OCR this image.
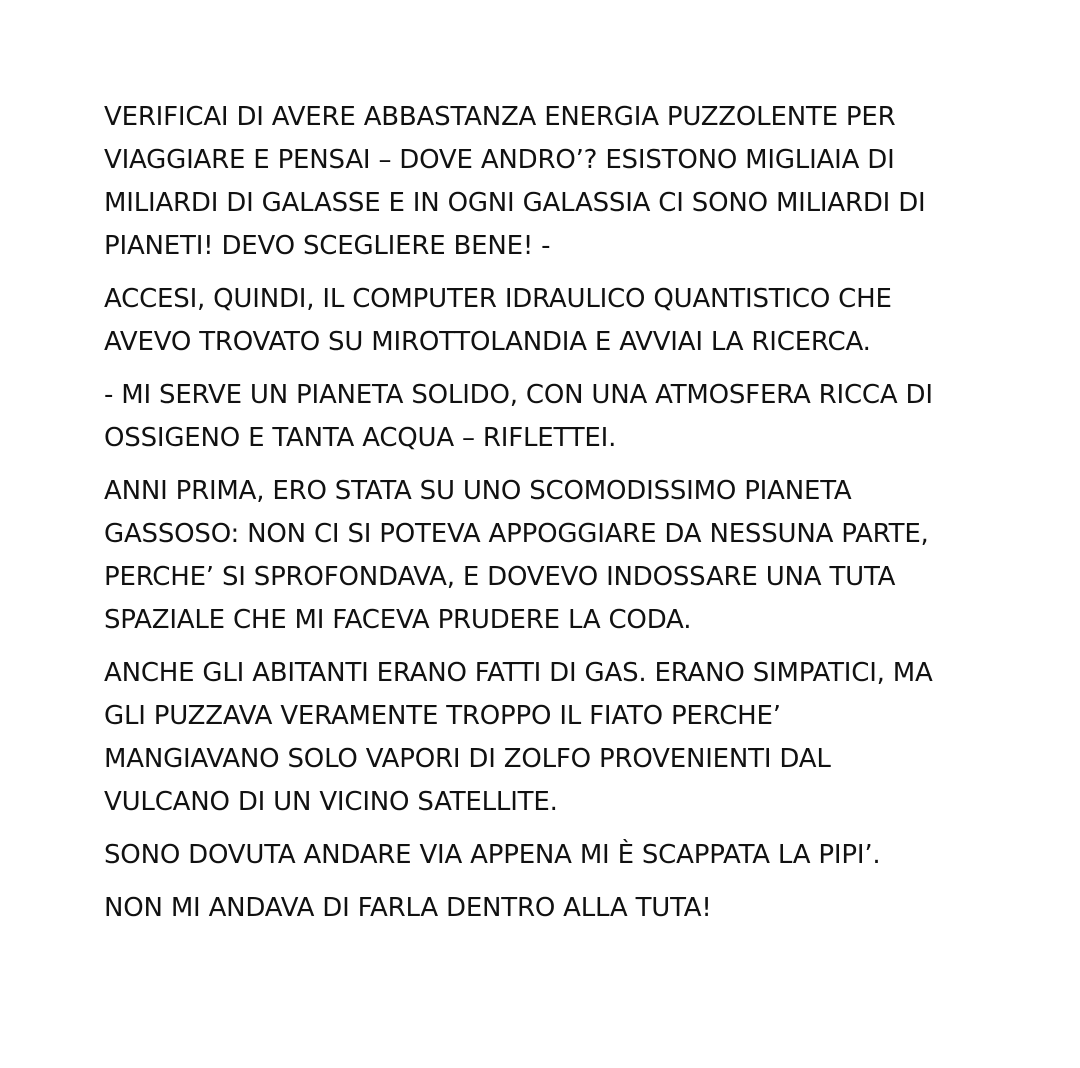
VERIFICAI DI AVERE ABBASTANZA ENERGIA PUZZOLENTE PER
VIAGGIARE E PENSAI – DOVE ANDRO’? ESISTONO MIGLIAIA DI
MILIARDI DI GALASSE E IN OGNI GALASSIA CI SONO MILIARDI DI
PIANETI! DEVO SCEGLIERE BENE! -

ACCESI, QUINDI, IL COMPUTER IDRAULICO QUANTISTICO CHE
AVEVO TROVATO SU MIROTTOLANDIA E AVVIAI LA RICERCA.

- MI SERVE UN PIANETA SOLIDO, CON UNA ATMOSFERA RICCA DI
OSSIGENO E TANTA ACQUA – RIFLETTEI.

ANNI PRIMA, ERO STATA SU UNO SCOMODISSIMO PIANETA
GASSOSO: NON CI SI POTEVA APPOGGIARE DA NESSUNA PARTE,
PERCHE’ SI SPROFONDAVA, E DOVEVO INDOSSARE UNA TUTA
SPAZIALE CHE MI FACEVA PRUDERE LA CODA.

ANCHE GLI ABITANTI ERANO FATTI DI GAS. ERANO SIMPATICI, MA
GLI PUZZAVA VERAMENTE TROPPO IL FIATO PERCHE’
MANGIAVANO SOLO VAPORI DI ZOLFO PROVENIENTI DAL
VULCANO DI UN VICINO SATELLITE.

SONO DOVUTA ANDARE VIA APPENA MI È SCAPPATA LA PIPI’.

NON MI ANDAVA DI FARLA DENTRO ALLA TUTA!
